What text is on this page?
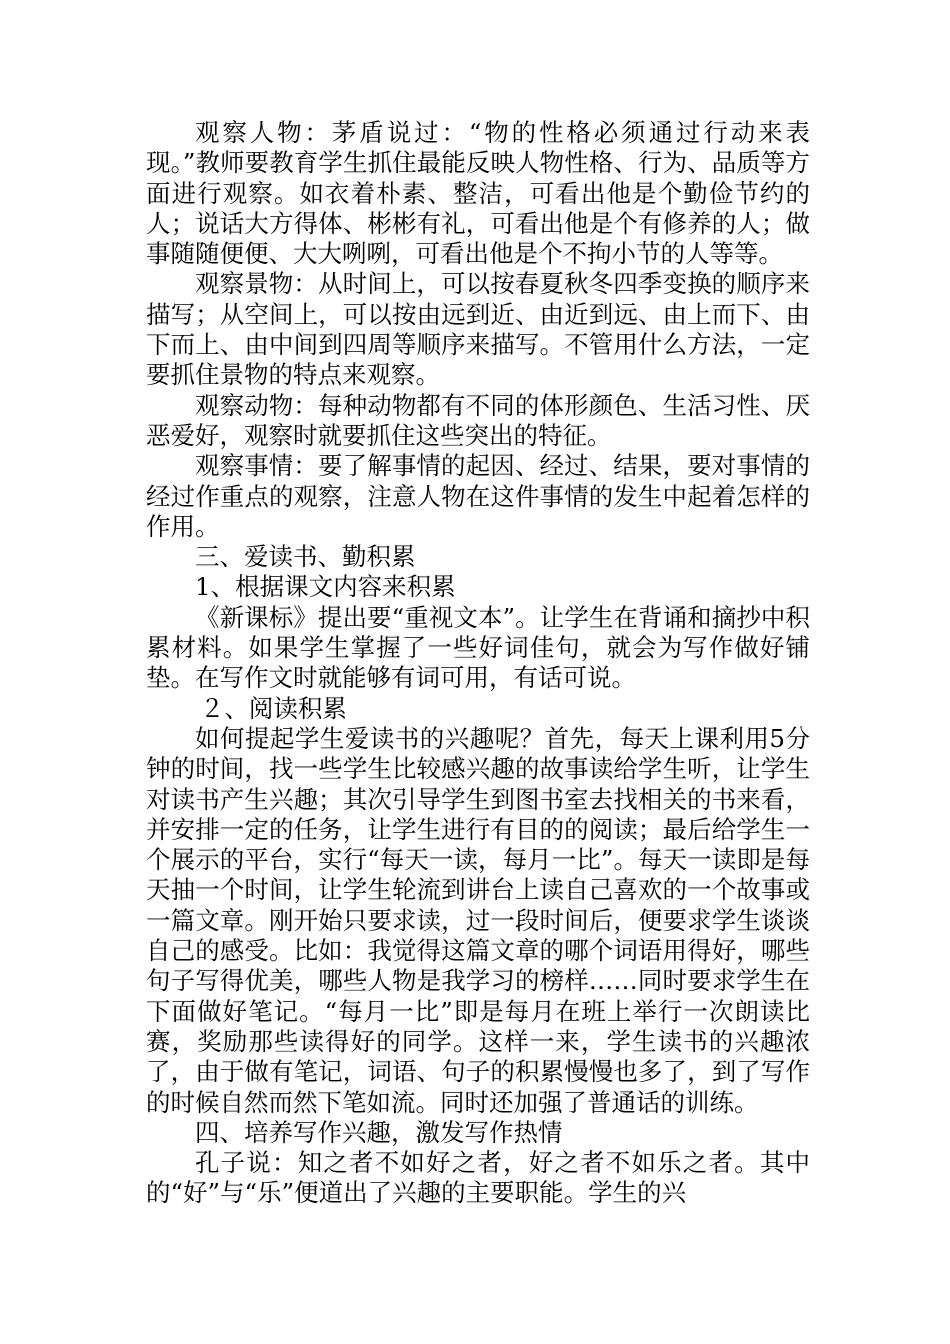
观察人物：茅盾说过：“物的性格必须通过行动来表现。”教师要教育学生抓住最能反映人物性格、行为、品质等方面进行观察。如衣着朴素、整洁，可看出他是个勤俭节约的人；说话大方得体、彬彬有礼，可看出他是个有修养的人；做事随随便便、大大咧咧，可看出他是个不拘小节的人等等。

观察景物：从时间上，可以按春夏秋冬四季变换的顺序来描写；从空间上，可以按由远到近、由近到远、由上而下、由下而上、由中间到四周等顺序来描写。不管用什么方法，一定要抓住景物的特点来观察。

观察动物：每种动物都有不同的体形颜色、生活习性、厌恶爱好，观察时就要抓住这些突出的特征。

观察事情：要了解事情的起因、经过、结果，要对事情的经过作重点的观察，注意人物在这件事情的发生中起着怎样的作用。

三、爱读书、勤积累

1、根据课文内容来积累

《新课标》提出要“重视文本”。让学生在背诵和摘抄中积累材料。如果学生掌握了一些好词佳句，就会为写作做好铺垫。在写作文时就能够有词可用，有话可说。

２、阅读积累

如何提起学生爱读书的兴趣呢？首先，每天上课利用5分钟的时间，找一些学生比较感兴趣的故事读给学生听，让学生对读书产生兴趣；其次引导学生到图书室去找相关的书来看，并安排一定的任务，让学生进行有目的的阅读；最后给学生一个展示的平台，实行“每天一读，每月一比”。每天一读即是每天抽一个时间，让学生轮流到讲台上读自己喜欢的一个故事或一篇文章。刚开始只要求读，过一段时间后，便要求学生谈谈自己的感受。比如：我觉得这篇文章的哪个词语用得好，哪些句子写得优美，哪些人物是我学习的榜样……同时要求学生在下面做好笔记。“每月一比”即是每月在班上举行一次朗读比赛，奖励那些读得好的同学。这样一来，学生读书的兴趣浓了，由于做有笔记，词语、句子的积累慢慢也多了，到了写作的时候自然而然下笔如流。同时还加强了普通话的训练。

四、培养写作兴趣，激发写作热情

孔子说：知之者不如好之者，好之者不如乐之者。其中的“好”与“乐”便道出了兴趣的主要职能。学生的兴
